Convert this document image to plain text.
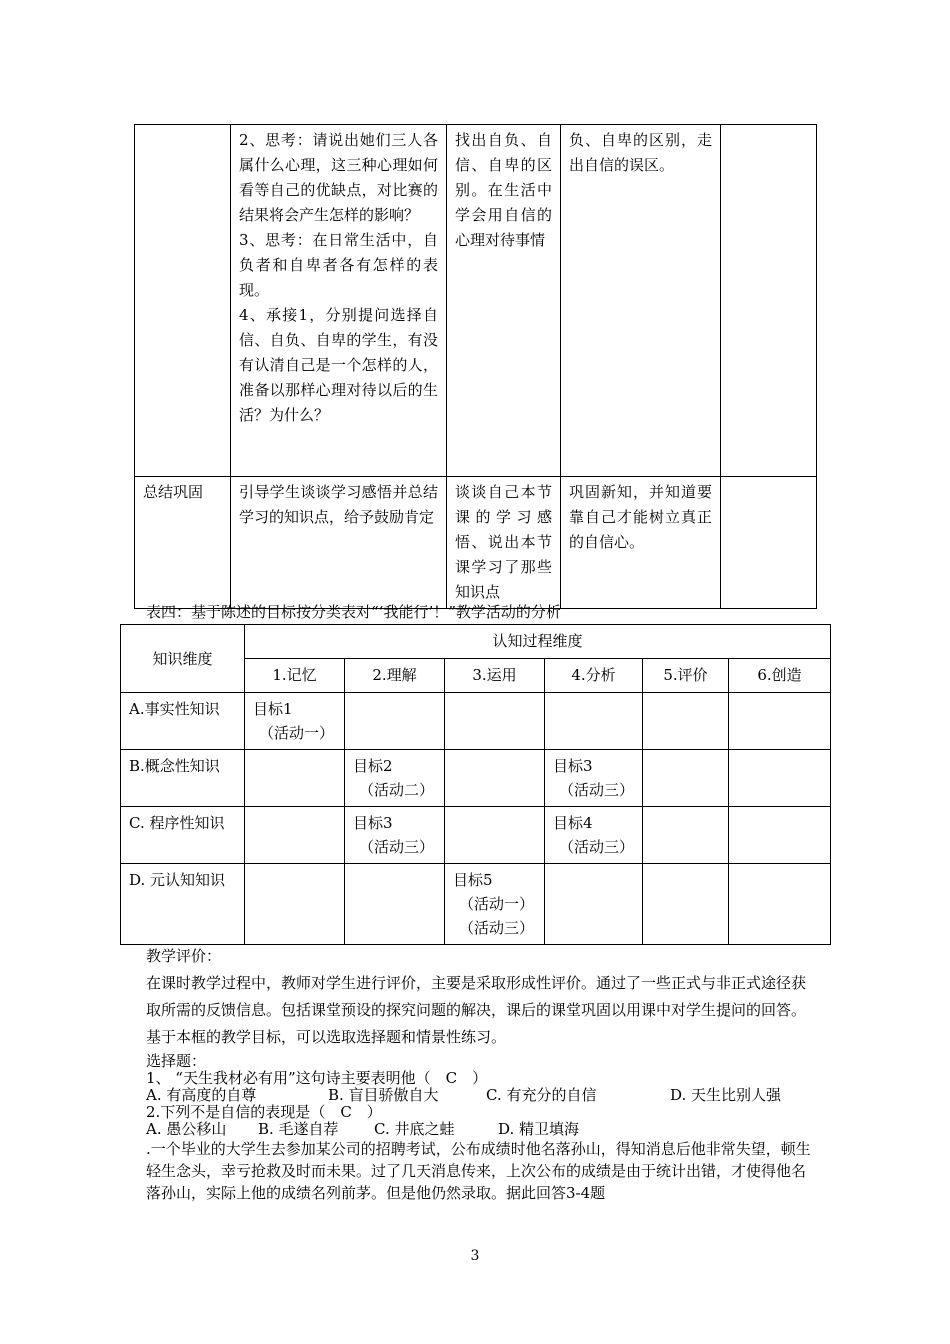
	2、思考：请说出她们三人各属什么心理，这三种心理如何看等自己的优缺点，对比赛的结果将会产生怎样的影响？

3、思考：在日常生活中，自负者和自卑者各有怎样的表现。

4、承接1，分别提问选择自信、自负、自卑的学生，有没有认清自己是一个怎样的人，准备以那样心理对待以后的生活？为什么？	找出自负、自信、自卑的区别。在生活中学会用自信的心理对待事情	负、自卑的区别，走出自信的误区。	
总结巩固	引导学生谈谈学习感悟并总结学习的知识点，给予鼓励肯定	谈谈自己本节课的学习感悟、说出本节课学习了那些知识点	巩固新知，并知道要靠自己才能树立真正的自信心。	
表四：基于陈述的目标按分类表对“‘我能行’！”教学活动的分析
知识维度	认知过程维度					
	1.记忆	2.理解	3.运用	4.分析	5.评价	6.创造
A.事实性知识	目标1
（活动一）					

B.概念性知识		目标2
（活动二）		目标3
（活动三）		

C. 程序性知识		目标3
（活动三）		目标4
（活动三）		

D. 元认知知识			目标5
（活动一）
（活动三）			

教学评价：

在课时教学过程中，教师对学生进行评价，主要是采取形成性评价。通过了一些正式与非正式途径获取所需的反馈信息。包括课堂预设的探究问题的解决，课后的课堂巩固以用课中对学生提问的回答。

基于本框的教学目标，可以选取选择题和情景性练习。

选择题：

1、 “天生我材必有用”这句诗主要表明他（　C　）

A. 有高度的自尊	B. 盲目骄傲自大	C. 有充分的自信	D. 天生比别人强

2.下列不是自信的表现是（　C　）

A. 愚公移山	B. 毛遂自荐	C. 井底之蛙	D. 精卫填海

.一个毕业的大学生去参加某公司的招聘考试，公布成绩时他名落孙山，得知消息后他非常失望，顿生轻生念头，幸亏抢救及时而未果。过了几天消息传来，上次公布的成绩是由于统计出错，才使得他名落孙山，实际上他的成绩名列前茅。但是他仍然录取。据此回答3-4题

3
